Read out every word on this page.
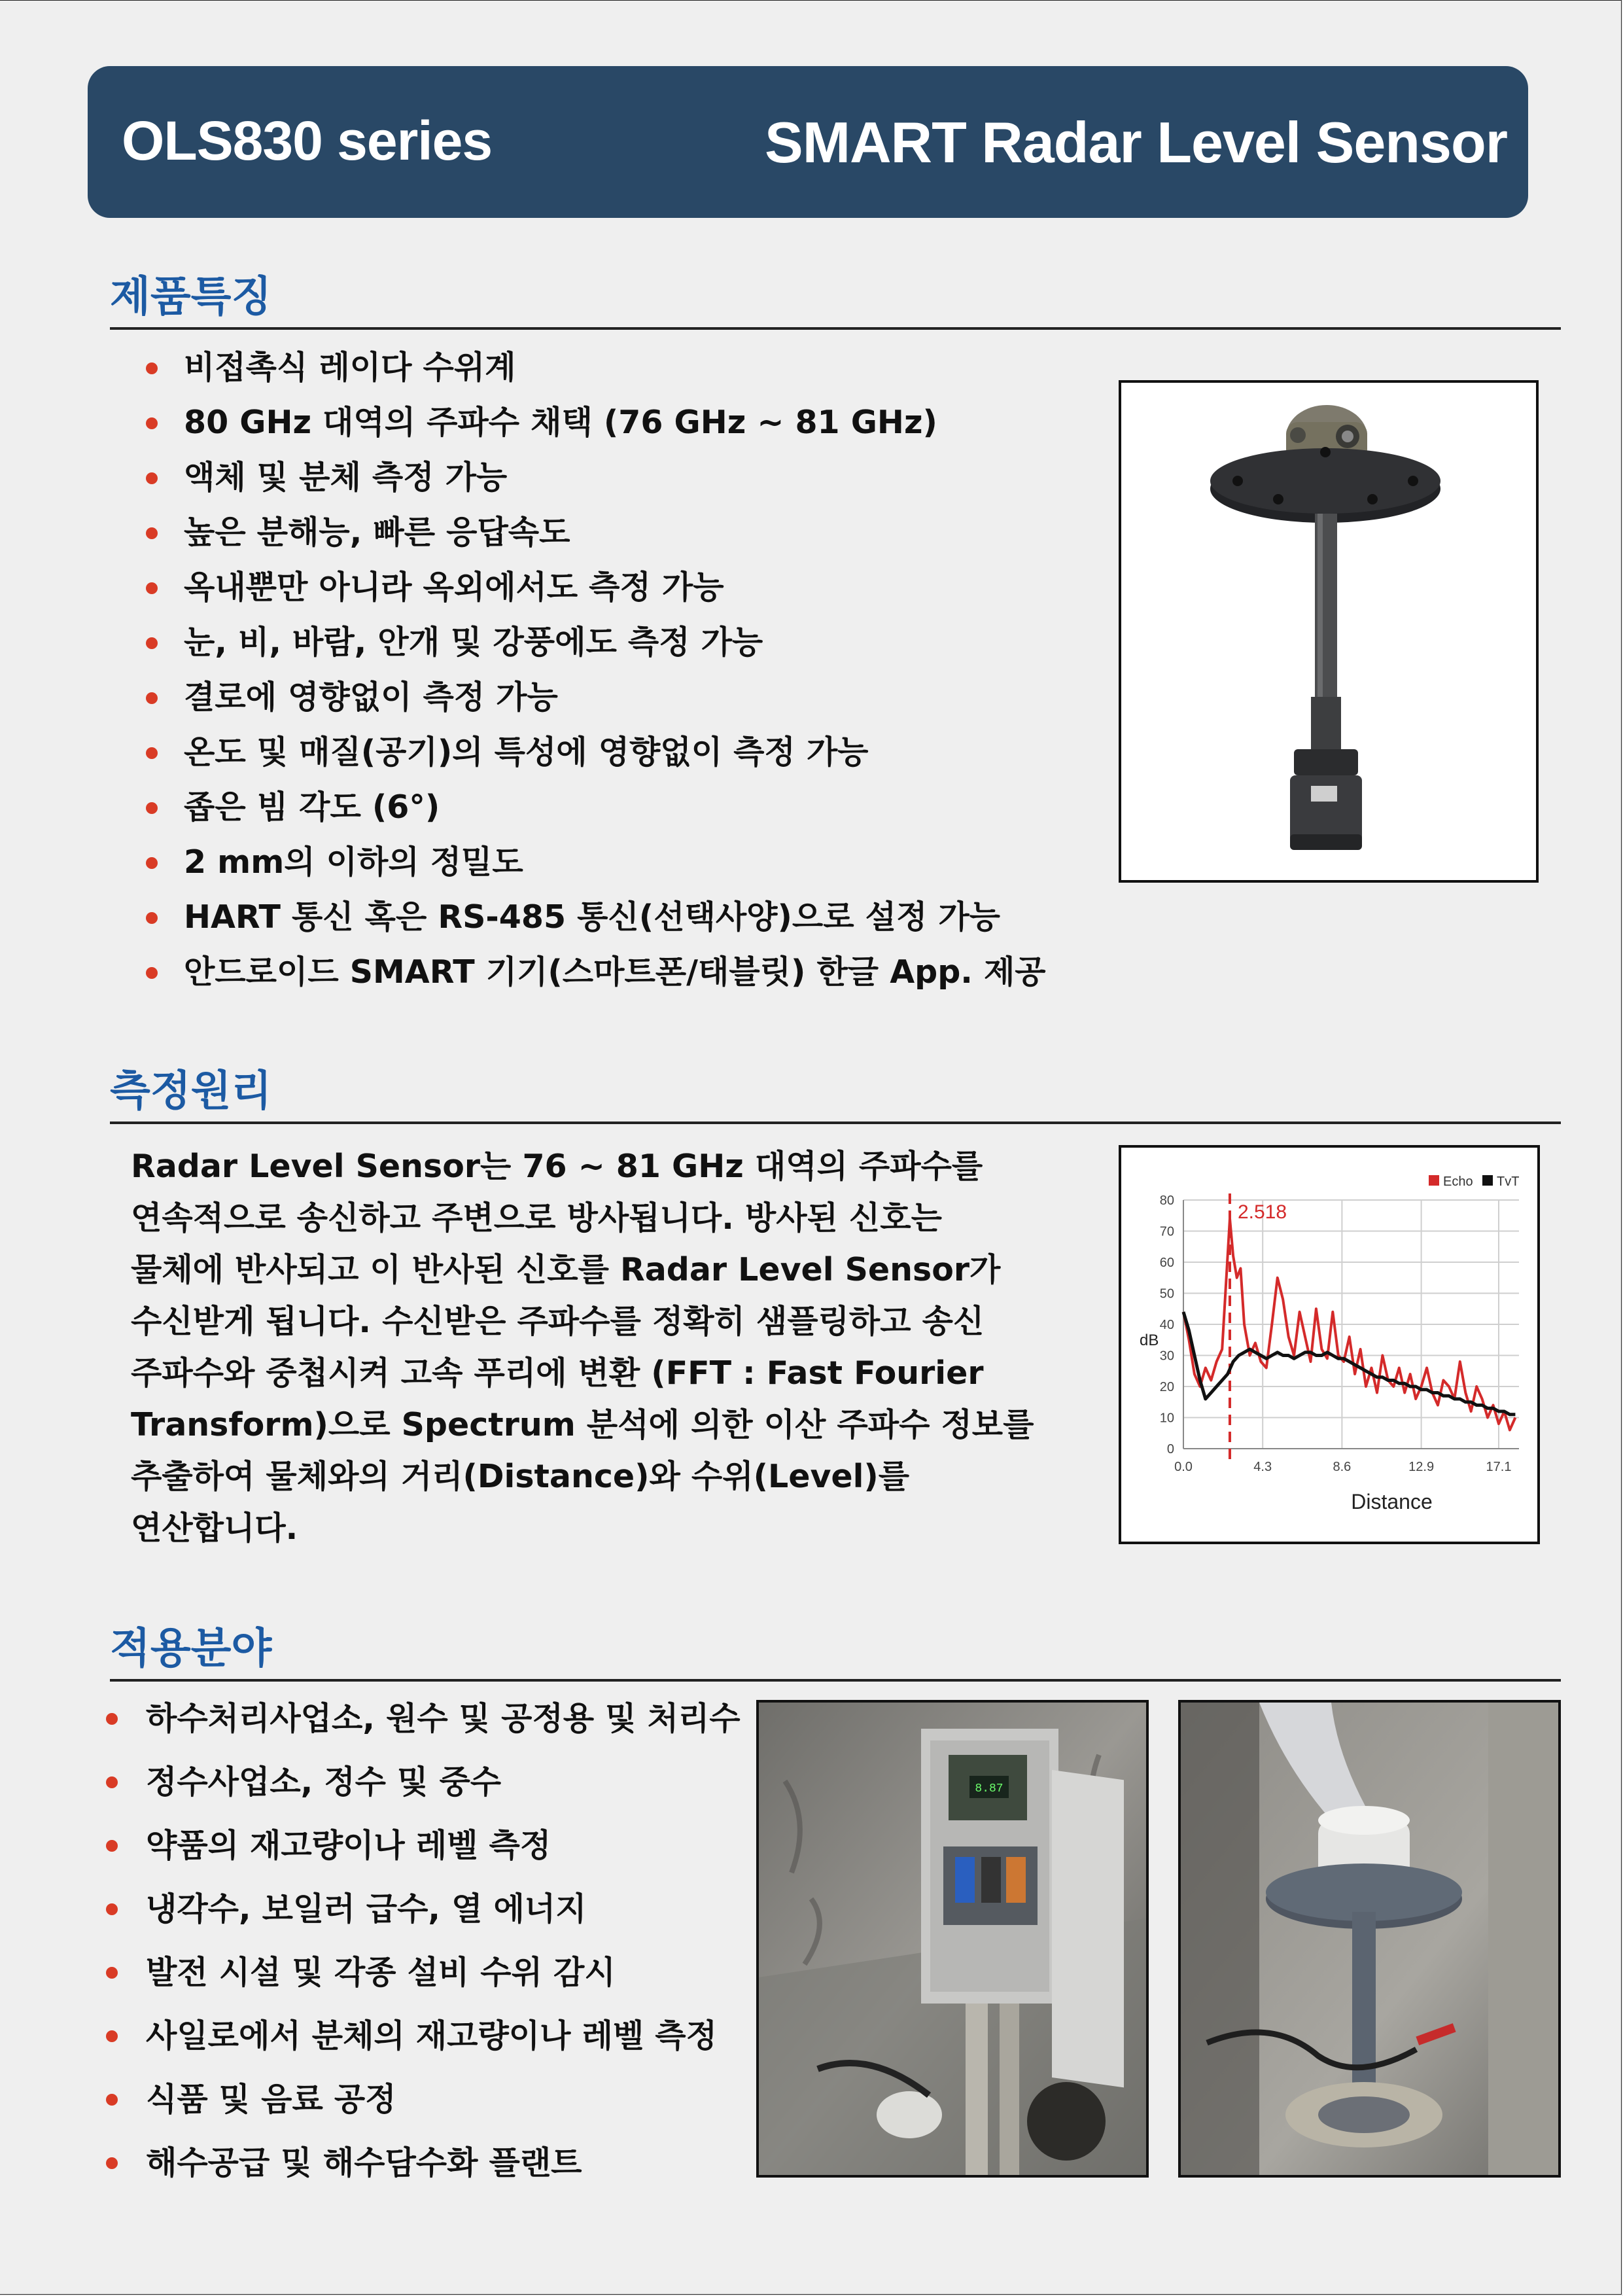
OLS830 series	SMART Radar Level Sensor
제품특징
비접촉식 레이다 수위계
80 GHz 대역의 주파수 채택 (76 GHz ~ 81 GHz)
액체 및 분체 측정 가능
높은 분해능, 빠른 응답속도
옥내뿐만 아니라 옥외에서도 측정 가능
눈, 비, 바람, 안개 및 강풍에도 측정 가능
결로에 영향없이 측정 가능
온도 및 매질(공기)의 특성에 영향없이 측정 가능
좁은 빔 각도 (6°)
2 mm의 이하의 정밀도
HART 통신 혹은 RS-485 통신(선택사양)으로 설정 가능
안드로이드 SMART 기기(스마트폰/태블릿) 한글 App. 제공
측정원리
Radar Level Sensor는 76 ~ 81 GHz 대역의 주파수를
연속적으로 송신하고 주변으로 방사됩니다. 방사된 신호는
물체에 반사되고 이 반사된 신호를 Radar Level Sensor가
수신받게 됩니다. 수신받은 주파수를 정확히 샘플링하고 송신
주파수와 중첩시켜 고속 푸리에 변환 (FFT : Fast Fourier
Transform)으로 Spectrum 분석에 의한 이산 주파수 정보를
추출하여 물체와의 거리(Distance)와 수위(Level)를
연산합니다.
0
10
20
30
40
50
60
70
80
0.0	4.3	8.6	12.9	17.1
dB
Distance
2.518
Echo TvT
적용분야
하수처리사업소, 원수 및 공정용 및 처리수
정수사업소, 정수 및 중수
약품의 재고량이나 레벨 측정
냉각수, 보일러 급수, 열 에너지
발전 시설 및 각종 설비 수위 감시
사일로에서 분체의 재고량이나 레벨 측정
식품 및 음료 공정
해수공급 및 해수담수화 플랜트
8.87
